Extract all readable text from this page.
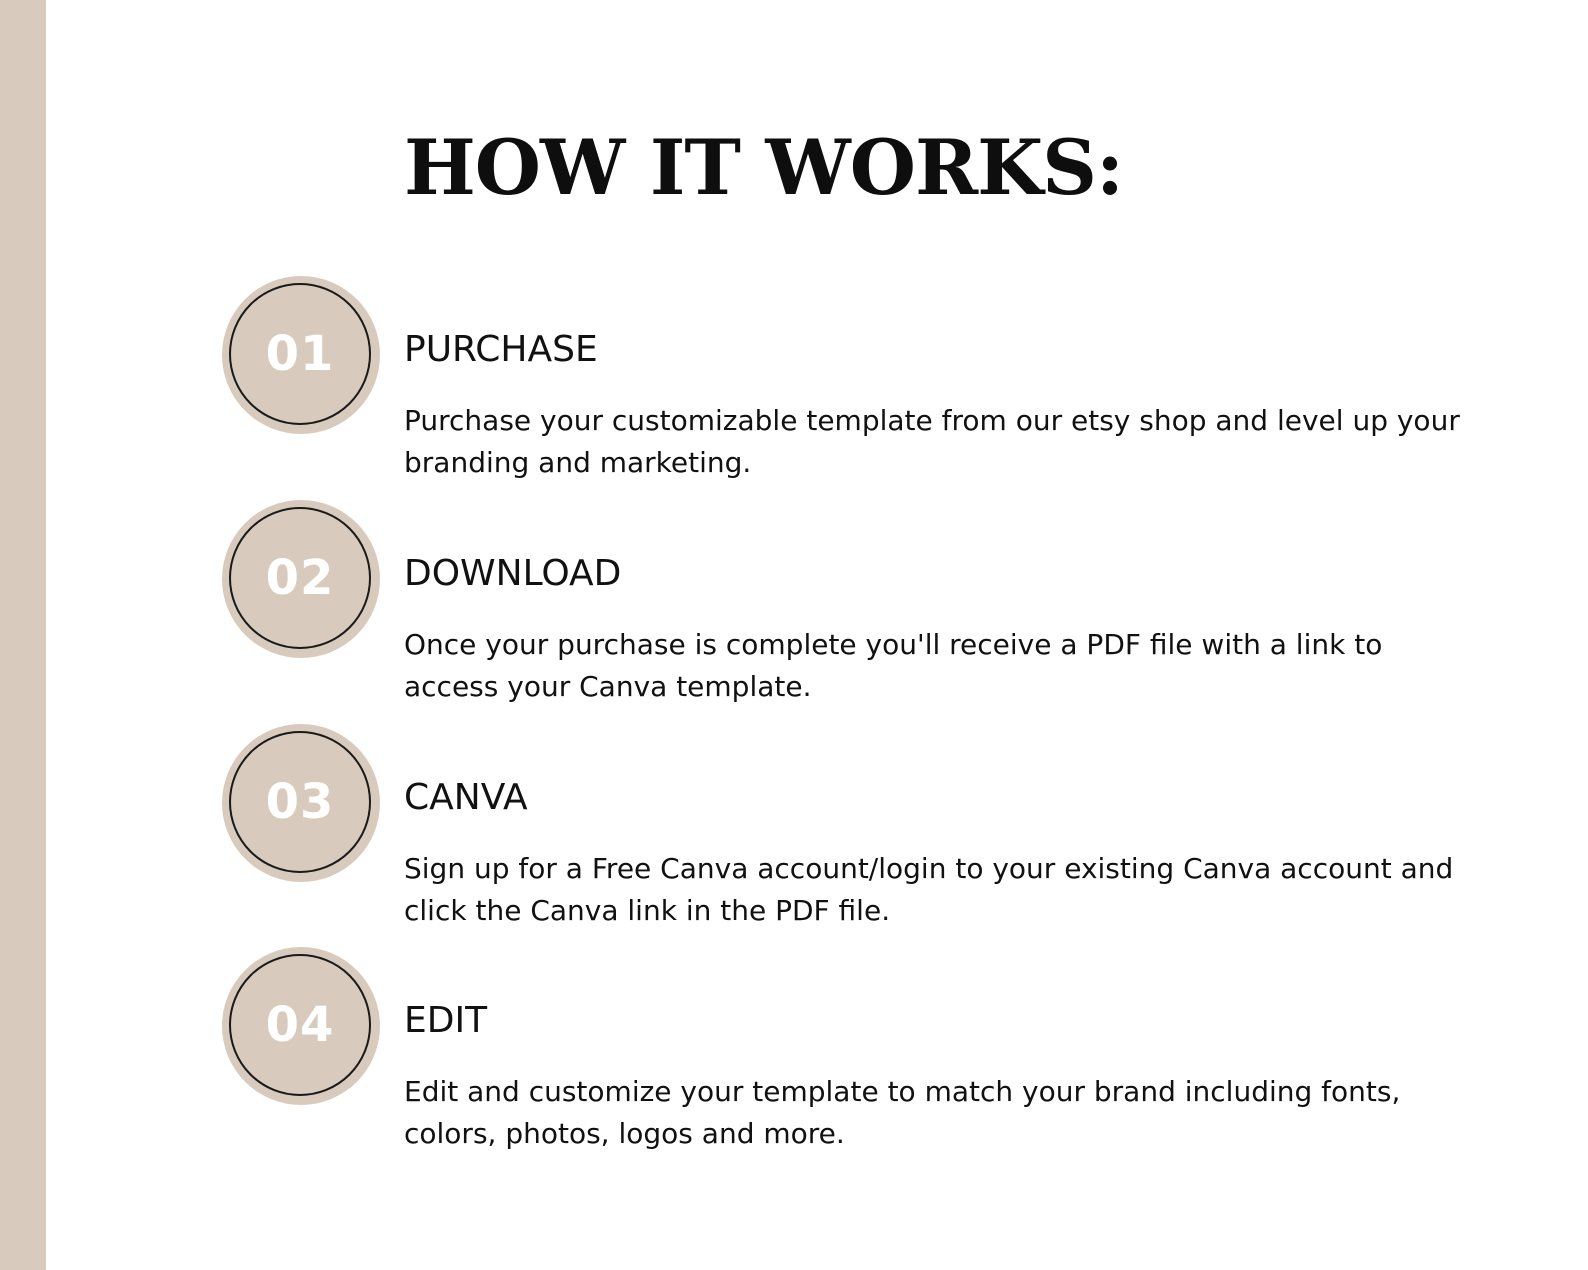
HOW IT WORKS:
01 PURCHASE

Purchase your customizable template from our etsy shop and level up your branding and marketing.

02 DOWNLOAD

Once your purchase is complete you'll receive a PDF file with a link to access your Canva template.

03 CANVA

Sign up for a Free Canva account/login to your existing Canva account and click the Canva link in the PDF file.

04 EDIT

Edit and customize your template to match your brand including fonts, colors, photos, logos and more.
